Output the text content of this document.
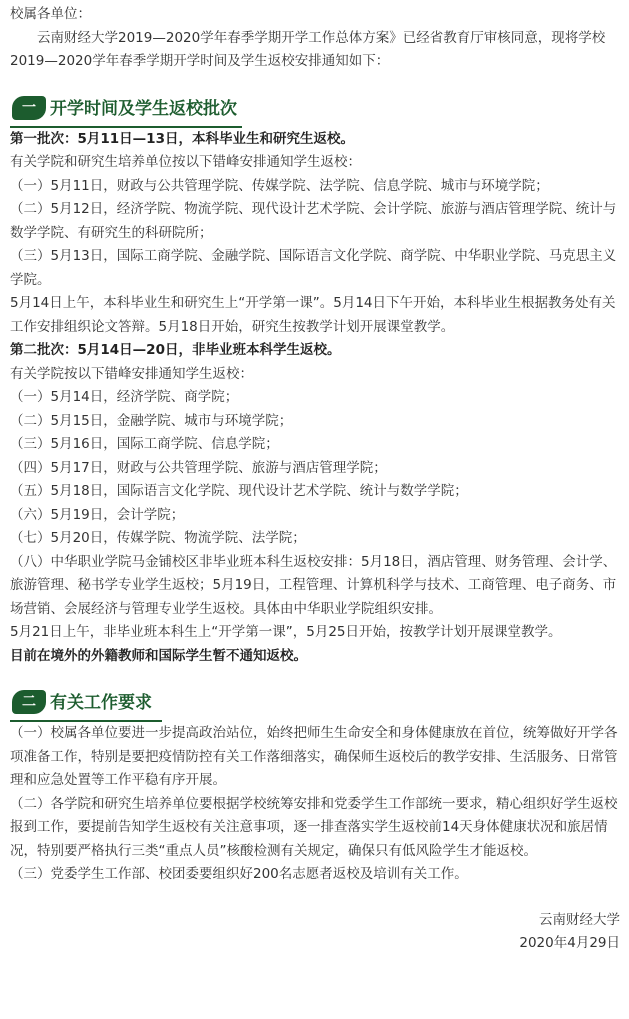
校属各单位：

云南财经大学2019—2020学年春季学期开学工作总体方案》已经省教育厅审核同意，现将学校2019—2020学年春季学期开学时间及学生返校安排通知如下：

一 开学时间及学生返校批次

第一批次：5月11日—13日，本科毕业生和研究生返校。

有关学院和研究生培养单位按以下错峰安排通知学生返校：

（一）5月11日，财政与公共管理学院、传媒学院、法学院、信息学院、城市与环境学院；

（二）5月12日，经济学院、物流学院、现代设计艺术学院、会计学院、旅游与酒店管理学院、统计与数学学院、有研究生的科研院所；

（三）5月13日，国际工商学院、金融学院、国际语言文化学院、商学院、中华职业学院、马克思主义学院。

5月14日上午，本科毕业生和研究生上“开学第一课”。5月14日下午开始，本科毕业生根据教务处有关工作安排组织论文答辩。5月18日开始，研究生按教学计划开展课堂教学。

第二批次：5月14日—20日，非毕业班本科学生返校。

有关学院按以下错峰安排通知学生返校：

（一）5月14日，经济学院、商学院；

（二）5月15日，金融学院、城市与环境学院；

（三）5月16日，国际工商学院、信息学院；

（四）5月17日，财政与公共管理学院、旅游与酒店管理学院；

（五）5月18日，国际语言文化学院、现代设计艺术学院、统计与数学学院；

（六）5月19日，会计学院；

（七）5月20日，传媒学院、物流学院、法学院；

（八）中华职业学院马金铺校区非毕业班本科生返校安排：5月18日，酒店管理、财务管理、会计学、旅游管理、秘书学专业学生返校；5月19日，工程管理、计算机科学与技术、工商管理、电子商务、市场营销、会展经济与管理专业学生返校。具体由中华职业学院组织安排。

5月21日上午，非毕业班本科生上“开学第一课”，5月25日开始，按教学计划开展课堂教学。

目前在境外的外籍教师和国际学生暂不通知返校。

二 有关工作要求

（一）校属各单位要进一步提高政治站位，始终把师生生命安全和身体健康放在首位，统筹做好开学各项准备工作，特别是要把疫情防控有关工作落细落实，确保师生返校后的教学安排、生活服务、日常管理和应急处置等工作平稳有序开展。

（二）各学院和研究生培养单位要根据学校统筹安排和党委学生工作部统一要求，精心组织好学生返校报到工作，要提前告知学生返校有关注意事项，逐一排查落实学生返校前14天身体健康状况和旅居情况，特别要严格执行三类“重点人员”核酸检测有关规定，确保只有低风险学生才能返校。

（三）党委学生工作部、校团委要组织好200名志愿者返校及培训有关工作。

云南财经大学

2020年4月29日
